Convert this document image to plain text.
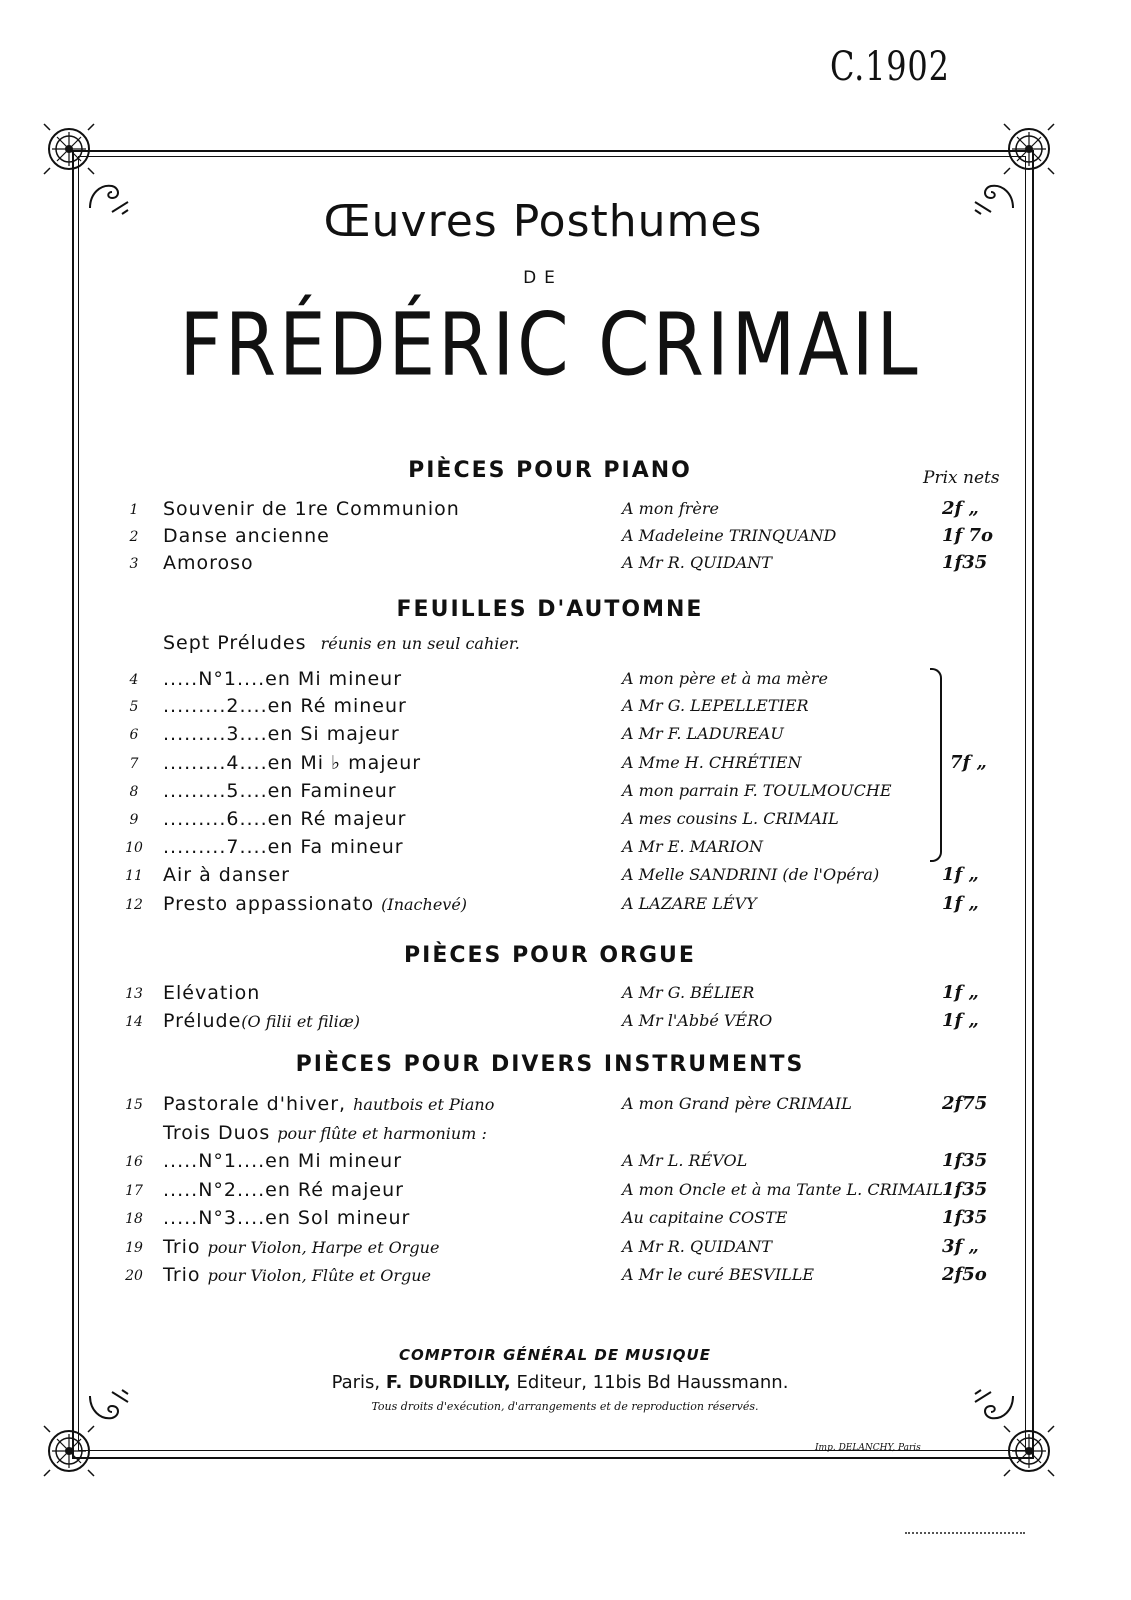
C.1902
Œuvres Posthumes
DE
FRÉDÉRIC CRIMAIL
PIÈCES POUR PIANO	Prix nets
FEUILLES D'AUTOMNE
Sept Préludes réunis en un seul cahier.
7f „
PIÈCES POUR ORGUE
PIÈCES POUR DIVERS INSTRUMENTS
Trois Duos pour flûte et harmonium :
1	Souvenir de 1re Communion	A mon frère	2f „
2	Danse ancienne	A Madeleine TRINQUAND	1f 7o
3	Amoroso	A Mr R. QUIDANT	1f35
4	.....N°1....en Mi mineur	A mon père et à ma mère
5	.........2....en Ré mineur	A Mr G. LEPELLETIER
6	.........3....en Si majeur	A Mr F. LADUREAU
7	.........4....en Mi ♭ majeur	A Mme H. CHRÉTIEN
8	.........5....en Famineur	A mon parrain F. TOULMOUCHE
9	.........6....en Ré majeur	A mes cousins L. CRIMAIL
10 .........7....en Fa mineur	A Mr E. MARION
11 Air à danser	A Melle SANDRINI (de l'Opéra)	1f „
12 Presto appassionato (Inachevé)	A LAZARE LÉVY	1f „
13 Elévation	A Mr G. BÉLIER	1f „
14 Prélude(O filii et filiæ)	A Mr l'Abbé VÉRO	1f „
15 Pastorale d'hiver, hautbois et Piano	A mon Grand père CRIMAIL	2f75
16 .....N°1....en Mi mineur	A Mr L. RÉVOL	1f35
17 .....N°2....en Ré majeur	A mon Oncle et à ma Tante L. CRIMAIL 1f35
18 .....N°3....en Sol mineur	Au capitaine COSTE	1f35
19 Trio pour Violon, Harpe et Orgue	A Mr R. QUIDANT	3f „
20 Trio pour Violon, Flûte et Orgue	A Mr le curé BESVILLE	2f5o
COMPTOIR GÉNÉRAL DE MUSIQUE
Paris, F. DURDILLY, Editeur, 11bis Bd Haussmann.
Tous droits d'exécution, d'arrangements et de reproduction réservés.
Imp. DELANCHY, Paris
